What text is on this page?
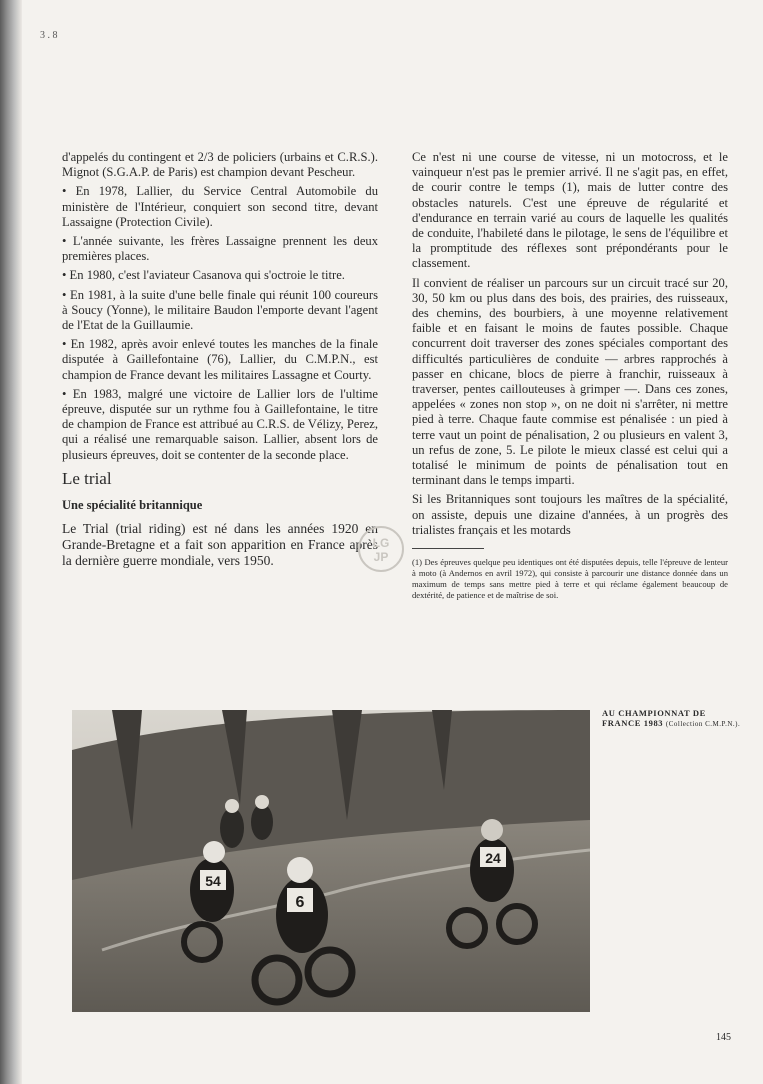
3 . 8

d'appelés du contingent et 2/3 de policiers (urbains et C.R.S.). Mignot (S.G.A.P. de Paris) est champion devant Pescheur.

• En 1978, Lallier, du Service Central Automobile du ministère de l'Intérieur, conquiert son second titre, devant Lassaigne (Protection Civile).

• L'année suivante, les frères Lassaigne prennent les deux premières places.

• En 1980, c'est l'aviateur Casanova qui s'octroie le titre.

• En 1981, à la suite d'une belle finale qui réunit 100 coureurs à Soucy (Yonne), le militaire Baudon l'emporte devant l'agent de l'Etat de la Guillaumie.

• En 1982, après avoir enlevé toutes les manches de la finale disputée à Gaillefontaine (76), Lallier, du C.M.P.N., est champion de France devant les militaires Lassagne et Courty.

• En 1983, malgré une victoire de Lallier lors de l'ultime épreuve, disputée sur un rythme fou à Gaillefontaine, le titre de champion de France est attribué au C.R.S. de Vélizy, Perez, qui a réalisé une remarquable saison. Lallier, absent lors de plusieurs épreuves, doit se contenter de la seconde place.

Le trial
Une spécialité britannique

Le Trial (trial riding) est né dans les années 1920 en Grande-Bretagne et a fait son apparition en France après la dernière guerre mondiale, vers 1950.

Ce n'est ni une course de vitesse, ni un motocross, et le vainqueur n'est pas le premier arrivé. Il ne s'agit pas, en effet, de courir contre le temps (1), mais de lutter contre des obstacles naturels. C'est une épreuve de régularité et d'endurance en terrain varié au cours de laquelle les qualités de conduite, l'habileté dans le pilotage, le sens de l'équilibre et la promptitude des réflexes sont prépondérants pour le classement.

Il convient de réaliser un parcours sur un circuit tracé sur 20, 30, 50 km ou plus dans des bois, des prairies, des ruisseaux, des chemins, des bourbiers, à une moyenne relativement faible et en faisant le moins de fautes possible. Chaque concurrent doit traverser des zones spéciales comportant des difficultés particulières de conduite — arbres rapprochés à passer en chicane, blocs de pierre à franchir, ruisseaux à traverser, pentes caillouteuses à grimper —. Dans ces zones, appelées « zones non stop », on ne doit ni s'arrêter, ni mettre pied à terre. Chaque faute commise est pénalisée : un pied à terre vaut un point de pénalisation, 2 ou plusieurs en valent 3, un refus de zone, 5. Le pilote le mieux classé est celui qui a totalisé le minimum de points de pénalisation tout en terminant dans le temps imparti.

Si les Britanniques sont toujours les maîtres de la spécialité, on assiste, depuis une dizaine d'années, à un progrès des trialistes français et les motards

(1) Des épreuves quelque peu identiques ont été disputées depuis, telle l'épreuve de lenteur à moto (à Andernos en avril 1972), qui consiste à parcourir une distance donnée dans un maximum de temps sans mettre pied à terre et qui réclame également beaucoup de dextérité, de patience et de maîtrise de soi.

AU CHAMPIONNAT DE FRANCE 1983 (Collection C.M.P.N.).
6
54
24
LG
JP
145
